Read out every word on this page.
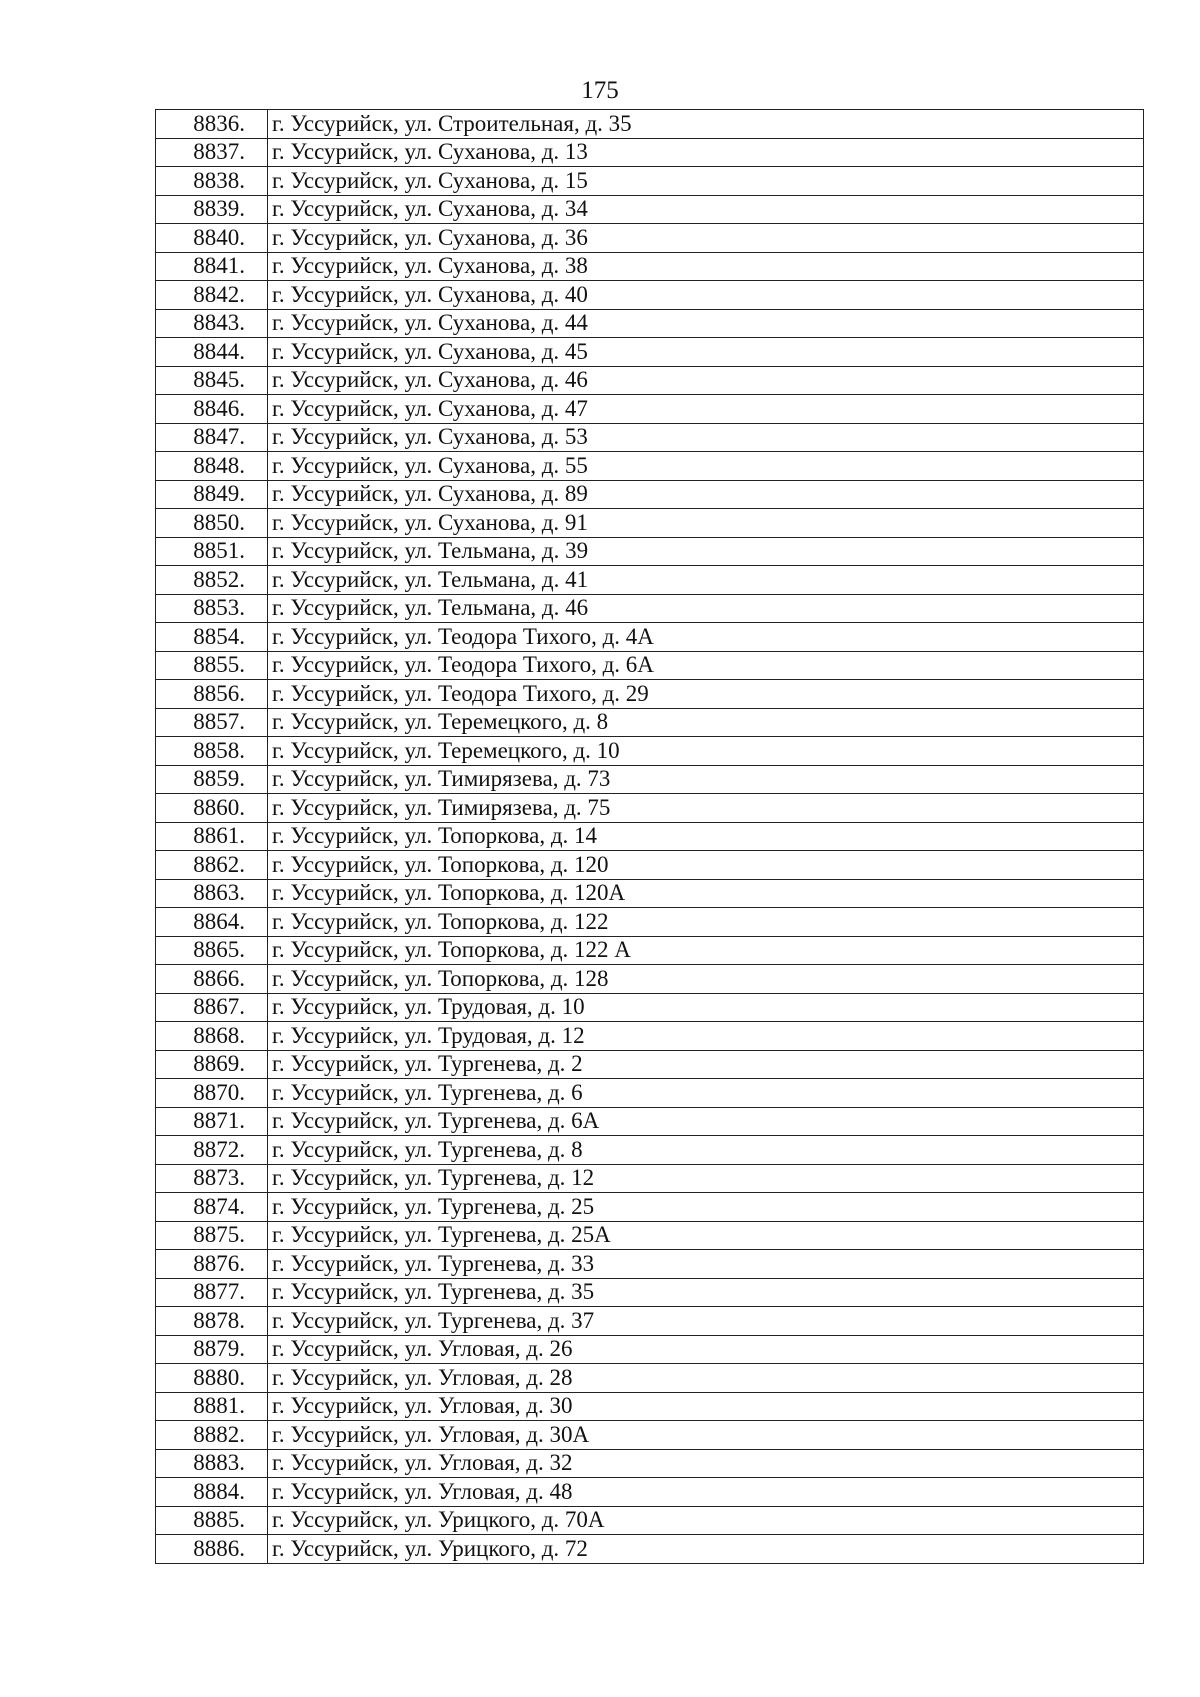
175
8836.	г. Уссурийск, ул. Строительная, д. 35
8837.	г. Уссурийск, ул. Суханова, д. 13
8838.	г. Уссурийск, ул. Суханова, д. 15
8839.	г. Уссурийск, ул. Суханова, д. 34
8840.	г. Уссурийск, ул. Суханова, д. 36
8841.	г. Уссурийск, ул. Суханова, д. 38
8842.	г. Уссурийск, ул. Суханова, д. 40
8843.	г. Уссурийск, ул. Суханова, д. 44
8844.	г. Уссурийск, ул. Суханова, д. 45
8845.	г. Уссурийск, ул. Суханова, д. 46
8846.	г. Уссурийск, ул. Суханова, д. 47
8847.	г. Уссурийск, ул. Суханова, д. 53
8848.	г. Уссурийск, ул. Суханова, д. 55
8849.	г. Уссурийск, ул. Суханова, д. 89
8850.	г. Уссурийск, ул. Суханова, д. 91
8851.	г. Уссурийск, ул. Тельмана, д. 39
8852.	г. Уссурийск, ул. Тельмана, д. 41
8853.	г. Уссурийск, ул. Тельмана, д. 46
8854.	г. Уссурийск, ул. Теодора Тихого, д. 4А
8855.	г. Уссурийск, ул. Теодора Тихого, д. 6А
8856.	г. Уссурийск, ул. Теодора Тихого, д. 29
8857.	г. Уссурийск, ул. Теремецкого, д. 8
8858.	г. Уссурийск, ул. Теремецкого, д. 10
8859.	г. Уссурийск, ул. Тимирязева, д. 73
8860.	г. Уссурийск, ул. Тимирязева, д. 75
8861.	г. Уссурийск, ул. Топоркова, д. 14
8862.	г. Уссурийск, ул. Топоркова, д. 120
8863.	г. Уссурийск, ул. Топоркова, д. 120А
8864.	г. Уссурийск, ул. Топоркова, д. 122
8865.	г. Уссурийск, ул. Топоркова, д. 122 А
8866.	г. Уссурийск, ул. Топоркова, д. 128
8867.	г. Уссурийск, ул. Трудовая, д. 10
8868.	г. Уссурийск, ул. Трудовая, д. 12
8869.	г. Уссурийск, ул. Тургенева, д. 2
8870.	г. Уссурийск, ул. Тургенева, д. 6
8871.	г. Уссурийск, ул. Тургенева, д. 6А
8872.	г. Уссурийск, ул. Тургенева, д. 8
8873.	г. Уссурийск, ул. Тургенева, д. 12
8874.	г. Уссурийск, ул. Тургенева, д. 25
8875.	г. Уссурийск, ул. Тургенева, д. 25А
8876.	г. Уссурийск, ул. Тургенева, д. 33
8877.	г. Уссурийск, ул. Тургенева, д. 35
8878.	г. Уссурийск, ул. Тургенева, д. 37
8879.	г. Уссурийск, ул. Угловая, д. 26
8880.	г. Уссурийск, ул. Угловая, д. 28
8881.	г. Уссурийск, ул. Угловая, д. 30
8882.	г. Уссурийск, ул. Угловая, д. 30А
8883.	г. Уссурийск, ул. Угловая, д. 32
8884.	г. Уссурийск, ул. Угловая, д. 48
8885.	г. Уссурийск, ул. Урицкого, д. 70А
8886.	г. Уссурийск, ул. Урицкого, д. 72
